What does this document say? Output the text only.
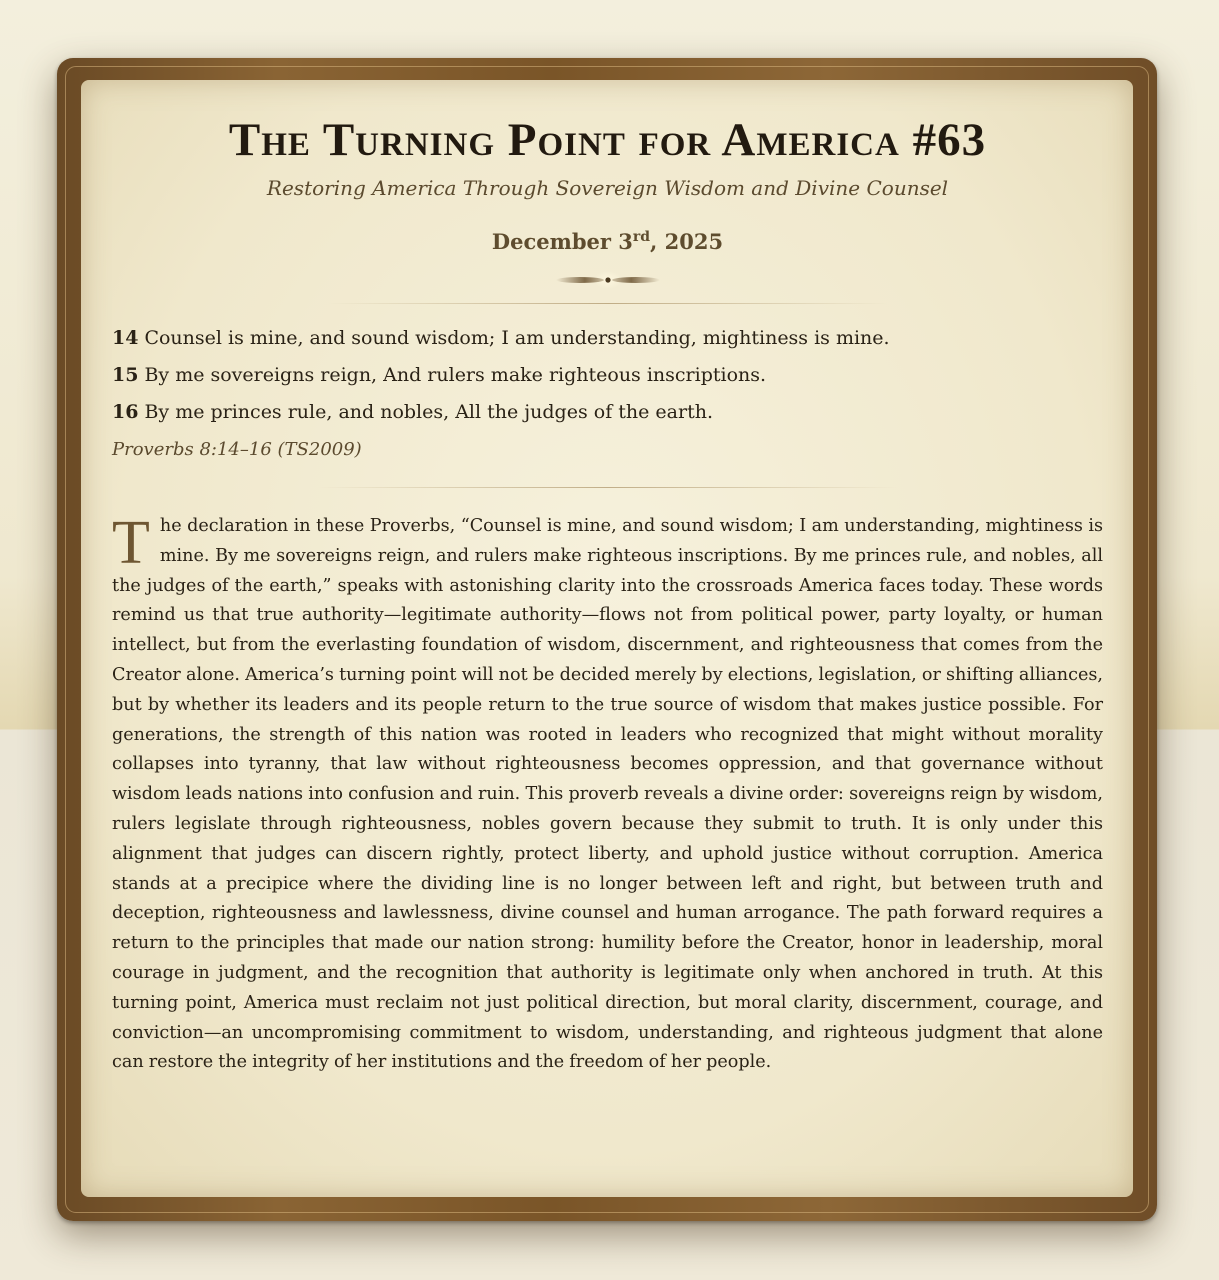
The Turning Point for America #63

Restoring America Through Sovereign Wisdom and Divine Counsel

December 3rd, 2025

14 Counsel is mine, and sound wisdom; I am understanding, mightiness is mine.
15 By me sovereigns reign, And rulers make righteous inscriptions.
16 By me princes rule, and nobles, All the judges of the earth.

Proverbs 8:14–16 (TS2009)

The declaration in these Proverbs, “Counsel is mine, and sound wisdom; I am understanding, mightiness is mine. By me sovereigns reign, and rulers make righteous inscriptions. By me princes rule, and nobles, all the judges of the earth,” speaks with astonishing clarity into the crossroads America faces today. These words remind us that true authority—legitimate authority—flows not from political power, party loyalty, or human intellect, but from the everlasting foundation of wisdom, discernment, and righteousness that comes from the Creator alone. America’s turning point will not be decided merely by elections, legislation, or shifting alliances, but by whether its leaders and its people return to the true source of wisdom that makes justice possible. For generations, the strength of this nation was rooted in leaders who recognized that might without morality collapses into tyranny, that law without righteousness becomes oppression, and that governance without wisdom leads nations into confusion and ruin. This proverb reveals a divine order: sovereigns reign by wisdom, rulers legislate through righteousness, nobles govern because they submit to truth. It is only under this alignment that judges can discern rightly, protect liberty, and uphold justice without corruption. America stands at a precipice where the dividing line is no longer between left and right, but between truth and deception, righteousness and lawlessness, divine counsel and human arrogance. The path forward requires a return to the principles that made our nation strong: humility before the Creator, honor in leadership, moral courage in judgment, and the recognition that authority is legitimate only when anchored in truth. At this turning point, America must reclaim not just political direction, but moral clarity, discernment, courage, and conviction—an uncompromising commitment to wisdom, understanding, and righteous judgment that alone can restore the integrity of her institutions and the freedom of her people.
